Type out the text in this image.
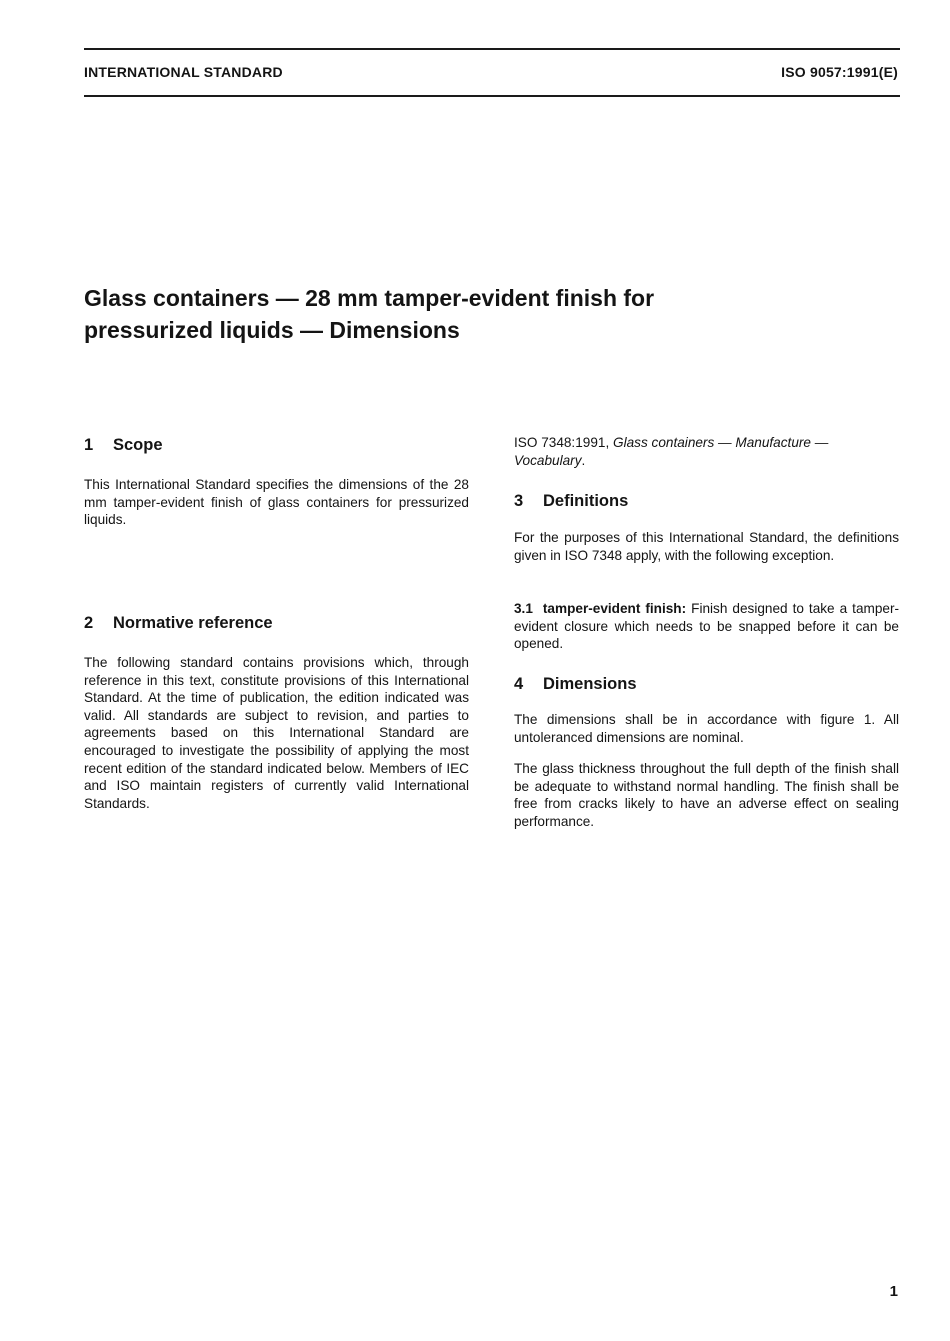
INTERNATIONAL STANDARD	ISO 9057:1991(E)
Glass containers — 28 mm tamper-evident finish for
pressurized liquids — Dimensions
1 Scope

This International Standard specifies the dimensions of the 28 mm tamper-evident finish of glass containers for pressurized liquids.

2 Normative reference

The following standard contains provisions which, through reference in this text, constitute provisions of this International Standard. At the time of publication, the edition indicated was valid. All standards are subject to revision, and parties to agreements based on this International Standard are encouraged to investigate the possibility of applying the most recent edition of the standard indicated below. Members of IEC and ISO maintain registers of currently valid International Standards.

ISO 7348:1991, Glass containers — Manufacture — Vocabulary.

3 Definitions

For the purposes of this International Standard, the definitions given in ISO 7348 apply, with the following exception.

3.1 tamper-evident finish: Finish designed to take a tamper-evident closure which needs to be snapped before it can be opened.

4 Dimensions

The dimensions shall be in accordance with figure 1. All untoleranced dimensions are nominal.

The glass thickness throughout the full depth of the finish shall be adequate to withstand normal handling. The finish shall be free from cracks likely to have an adverse effect on sealing performance.

1
